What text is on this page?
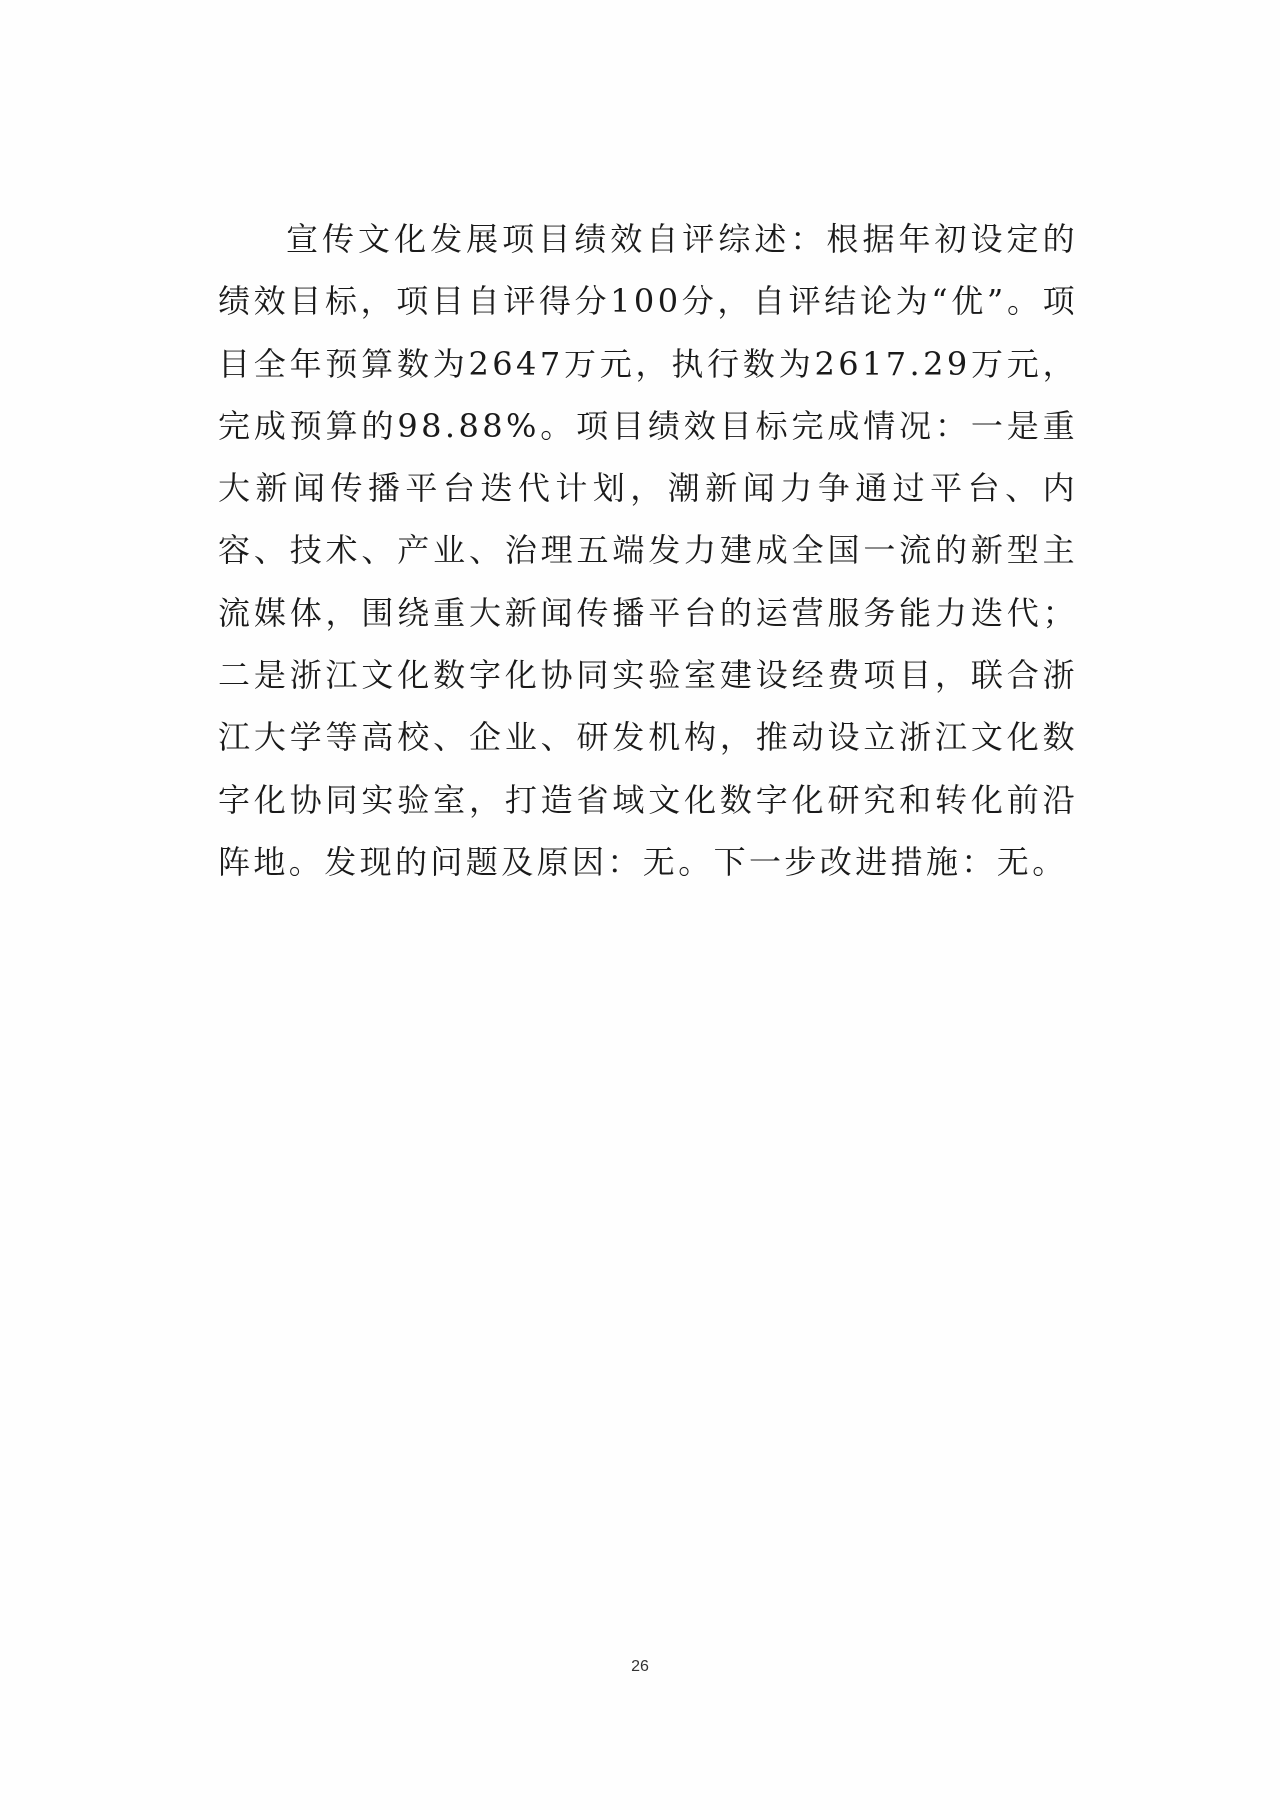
宣传文化发展项目绩效自评综述：根据年初设定的绩效目标，项目自评得分100分，自评结论为“优”。项目全年预算数为2647万元，执行数为2617.29万元，完成预算的98.88%。项目绩效目标完成情况：一是重大新闻传播平台迭代计划，潮新闻力争通过平台、内容、技术、产业、治理五端发力建成全国一流的新型主流媒体，围绕重大新闻传播平台的运营服务能力迭代；二是浙江文化数字化协同实验室建设经费项目，联合浙江大学等高校、企业、研发机构，推动设立浙江文化数字化协同实验室，打造省域文化数字化研究和转化前沿阵地。发现的问题及原因：无。下一步改进措施：无。

26
